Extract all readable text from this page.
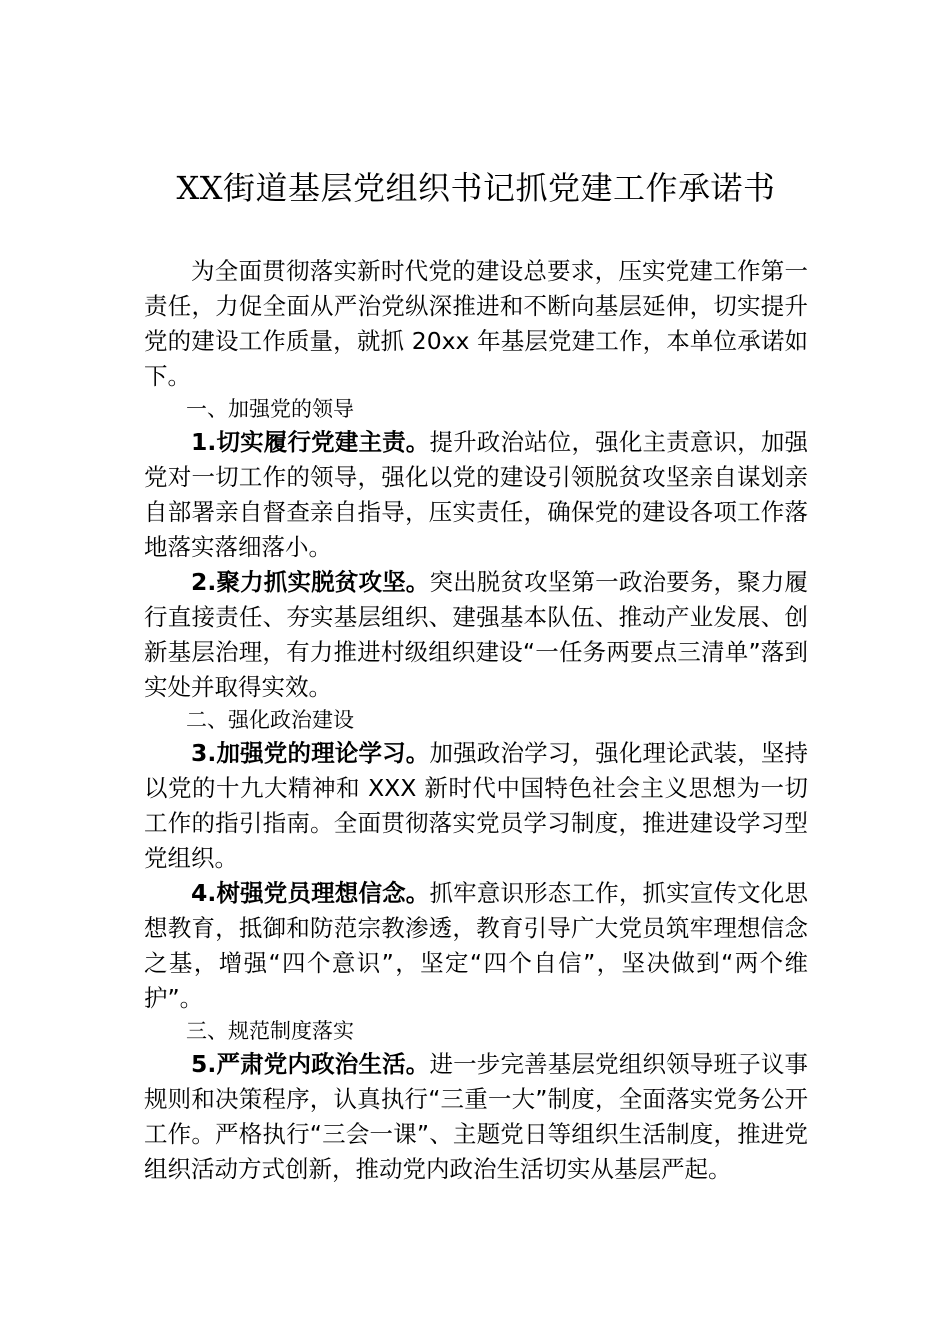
XX街道基层党组织书记抓党建工作承诺书

为全面贯彻落实新时代党的建设总要求，压实党建工作第一责任，力促全面从严治党纵深推进和不断向基层延伸，切实提升党的建设工作质量，就抓 20xx 年基层党建工作，本单位承诺如下。

一、加强党的领导

1.切实履行党建主责。提升政治站位，强化主责意识，加强党对一切工作的领导，强化以党的建设引领脱贫攻坚亲自谋划亲自部署亲自督查亲自指导，压实责任，确保党的建设各项工作落地落实落细落小。

2.聚力抓实脱贫攻坚。突出脱贫攻坚第一政治要务，聚力履行直接责任、夯实基层组织、建强基本队伍、推动产业发展、创新基层治理，有力推进村级组织建设“一任务两要点三清单”落到实处并取得实效。

二、强化政治建设

3.加强党的理论学习。加强政治学习，强化理论武装，坚持以党的十九大精神和 XXX 新时代中国特色社会主义思想为一切工作的指引指南。全面贯彻落实党员学习制度，推进建设学习型党组织。

4.树强党员理想信念。抓牢意识形态工作，抓实宣传文化思想教育，抵御和防范宗教渗透，教育引导广大党员筑牢理想信念之基，增强“四个意识”，坚定“四个自信”，坚决做到“两个维护”。

三、规范制度落实

5.严肃党内政治生活。进一步完善基层党组织领导班子议事规则和决策程序，认真执行“三重一大”制度，全面落实党务公开工作。严格执行“三会一课”、主题党日等组织生活制度，推进党组织活动方式创新，推动党内政治生活切实从基层严起。
